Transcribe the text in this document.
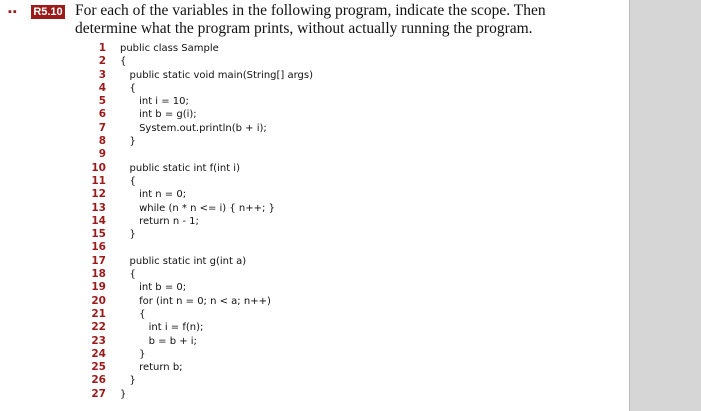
▪▪ R5.10 For each of the variables in the following program, indicate the scope. Then determine what the program prints, without actually running the program.
1
2
3
4
5
6
7
8
9
10
11
12
13
14
15
16
17
18
19
20
21
22
23
24
25
26
27
public class Sample
{
public static void main(String[] args)
{
int i = 10;
int b = g(i);
System.out.println(b + i);
}
public static int f(int i)
{
int n = 0;
while (n * n <= i) { n++; }
return n - 1;
}
public static int g(int a)
{
int b = 0;
for (int n = 0; n < a; n++)
{
int i = f(n);
b = b + i;
}
return b;
}
}
